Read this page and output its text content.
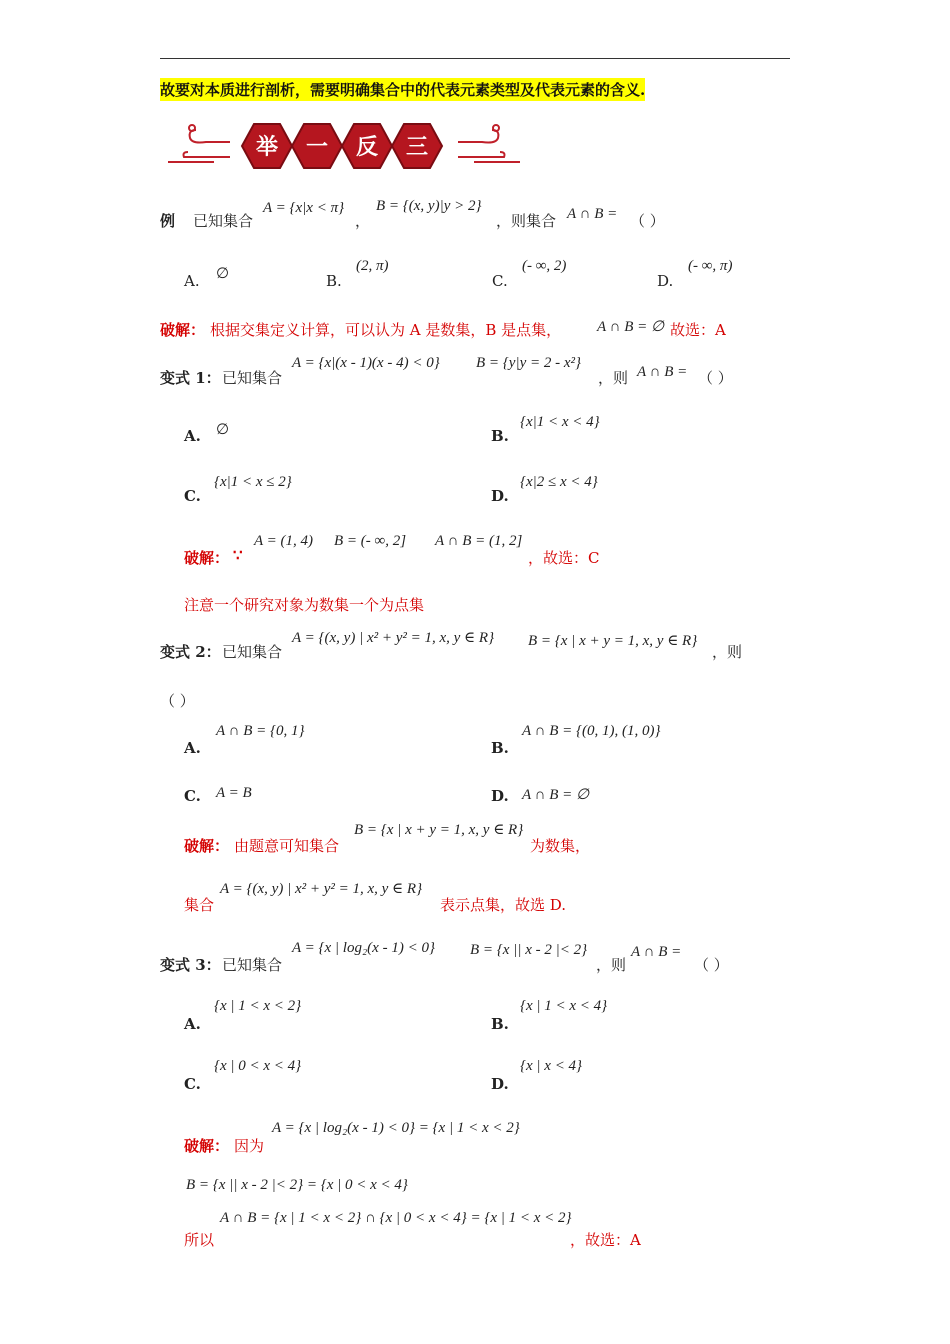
故要对本质进行剖析，需要明确集合中的代表元素类型及代表元素的含义.
举 一 反 三
例 已知集合
A = {x|x < π}
，
B = {(x, y)|y > 2}
，则集合 A ∩ B = （ ）
A. ∅	B.
(2, π)
C.
(- ∞, 2)
D.
(- ∞, π)
破解： 根据交集定义计算，可以认为 A 是数集，B 是点集， A ∩ B = ∅ 故选：A
变式 1： 已知集合
A = {x|(x - 1)(x - 4) < 0} B = {y|y = 2 - x²}
，则 A ∩ B = （ ）
A. ∅	B.
{x|1 < x < 4}
C.
{x|1 < x ≤ 2}
D.
{x|2 ≤ x < 4}
破解： ∵
A = (1, 4) B = (- ∞, 2] A ∩ B = (1, 2]
，故选：C
注意一个研究对象为数集一个为点集
变式 2： 已知集合
A = {(x, y) | x² + y² = 1, x, y ∈ R} B = {x | x + y = 1, x, y ∈ R}
，则
（ ）
A.
A ∩ B = {0, 1}
B.
A ∩ B = {(0, 1), (1, 0)}
C. A = B	D. A ∩ B = ∅
破解： 由题意可知集合
B = {x | x + y = 1, x, y ∈ R}
为数集，
集合
A = {(x, y) | x² + y² = 1, x, y ∈ R}
表示点集，故选 D.
变式 3： 已知集合
A = {x | log₂(x - 1) < 0} B = {x || x - 2 |< 2}
，则
A ∩ B =
（ ）
A.
{x | 1 < x < 2}
B.
{x | 1 < x < 4}
C.
{x | 0 < x < 4}
D.
{x | x < 4}
破解： 因为
A = {x | log₂(x - 1) < 0} = {x | 1 < x < 2}
B = {x || x - 2 |< 2} = {x | 0 < x < 4}
所以
A ∩ B = {x | 1 < x < 2} ∩ {x | 0 < x < 4} = {x | 1 < x < 2}
，故选：A
